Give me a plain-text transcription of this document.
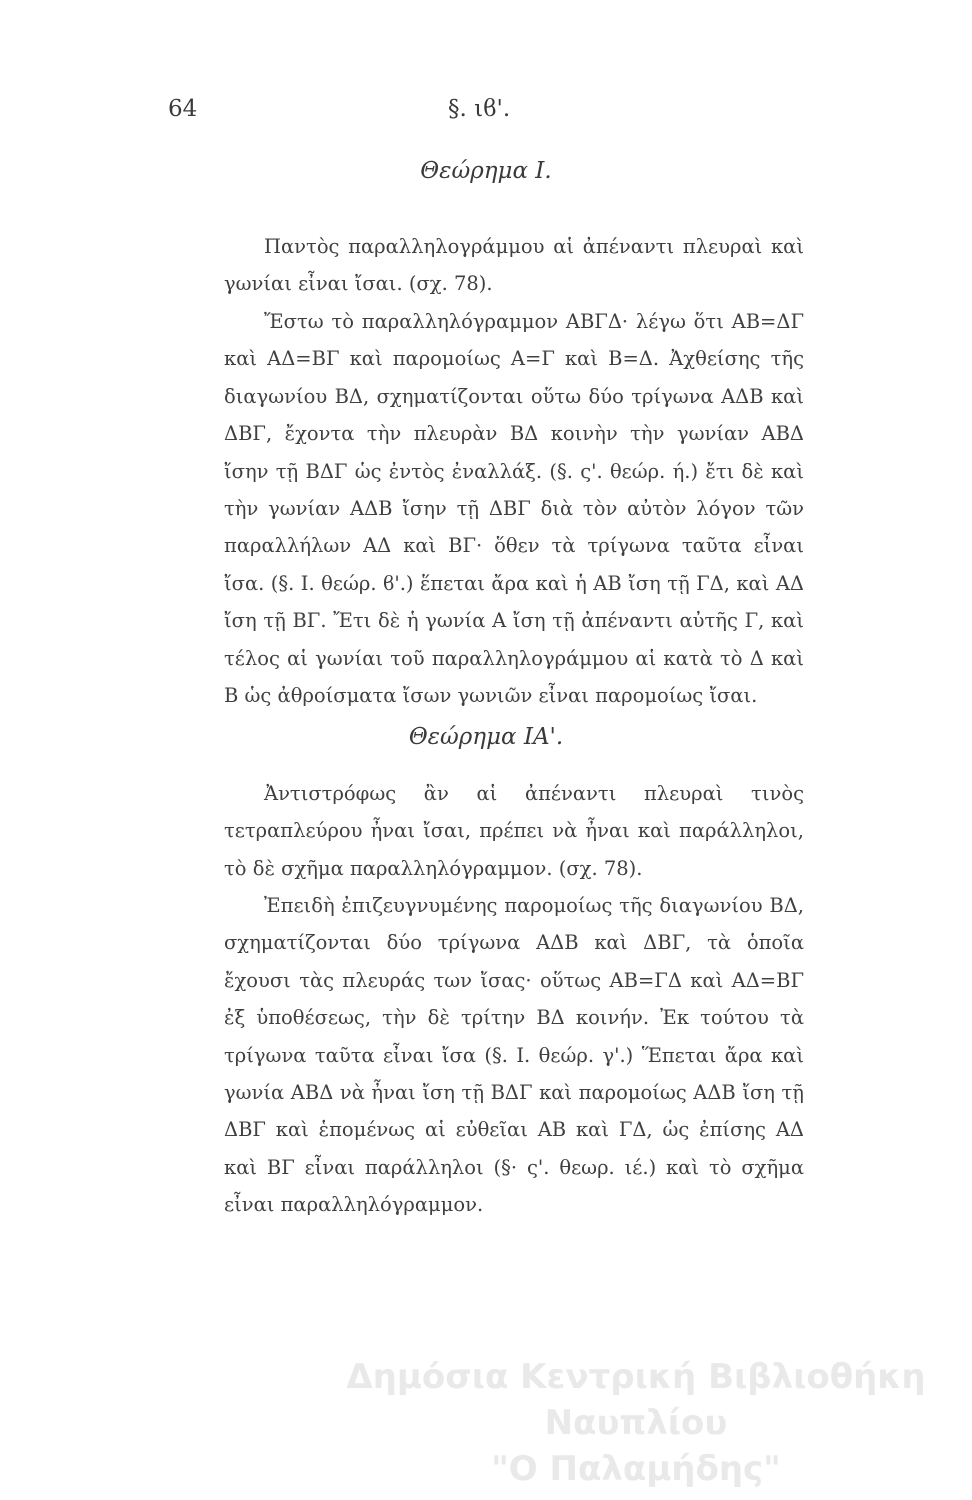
64	§. ιϐ'.
Θεώρημα Ι.

Παντὸς παραλληλογράμμου αἱ ἀπέναντι πλευραὶ καὶ γωνίαι εἶναι ἴσαι. (σχ. 78).

Ἔστω τὸ παραλληλόγραμμον ΑΒΓΔ· λέγω ὅτι ΑΒ=ΔΓ καὶ ΑΔ=ΒΓ καὶ παρομοίως Α=Γ καὶ Β=Δ. Ἀχθείσης τῆς διαγωνίου ΒΔ, σχηματίζονται οὕτω δύο τρίγωνα ΑΔΒ καὶ ΔΒΓ, ἔχοντα τὴν πλευρὰν ΒΔ κοινὴν τὴν γωνίαν ΑΒΔ ἴσην τῇ ΒΔΓ ὡς ἐντὸς ἐναλλάξ. (§. ς'. θεώρ. ή.) ἔτι δὲ καὶ τὴν γωνίαν ΑΔΒ ἴσην τῇ ΔΒΓ διὰ τὸν αὐτὸν λόγον τῶν παραλλήλων ΑΔ καὶ ΒΓ· ὅθεν τὰ τρίγωνα ταῦτα εἶναι ἴσα. (§. Ι. θεώρ. ϐ'.) ἕπεται ἄρα καὶ ἡ ΑΒ ἴση τῇ ΓΔ, καὶ ΑΔ ἴση τῇ ΒΓ. Ἔτι δὲ ἡ γωνία Α ἴση τῇ ἀπέναντι αὐτῆς Γ, καὶ τέλος αἱ γωνίαι τοῦ παραλληλογράμμου αἱ κατὰ τὸ Δ καὶ Β ὡς ἀθροίσματα ἴσων γωνιῶν εἶναι παρομοίως ἴσαι.

Θεώρημα ΙΑ'.

Ἀντιστρόφως ἂν αἱ ἀπέναντι πλευραὶ τινὸς τετραπλεύρου ἦναι ἴσαι, πρέπει νὰ ἦναι καὶ παράλληλοι, τὸ δὲ σχῆμα παραλληλόγραμμον. (σχ. 78).

Ἐπειδὴ ἐπιζευγνυμένης παρομοίως τῆς διαγωνίου ΒΔ, σχηματίζονται δύο τρίγωνα ΑΔΒ καὶ ΔΒΓ, τὰ ὁποῖα ἔχουσι τὰς πλευράς των ἴσας· οὕτως ΑΒ=ΓΔ καὶ ΑΔ=ΒΓ ἐξ ὑποθέσεως, τὴν δὲ τρίτην ΒΔ κοινήν. Ἐκ τούτου τὰ τρίγωνα ταῦτα εἶναι ἴσα (§. Ι. θεώρ. γ'.) Ἕπεται ἄρα καὶ γωνία ΑΒΔ νὰ ἦναι ἴση τῇ ΒΔΓ καὶ παρομοίως ΑΔΒ ἴση τῇ ΔΒΓ καὶ ἑπομένως αἱ εὐθεῖαι ΑΒ καὶ ΓΔ, ὡς ἐπίσης ΑΔ καὶ ΒΓ εἶναι παράλληλοι (§· ς'. θεωρ. ιέ.) καὶ τὸ σχῆμα εἶναι παραλληλόγραμμον.

Δημόσια Κεντρική Βιβλιοθήκη Ναυπλίου
"Ο Παλαμήδης"
